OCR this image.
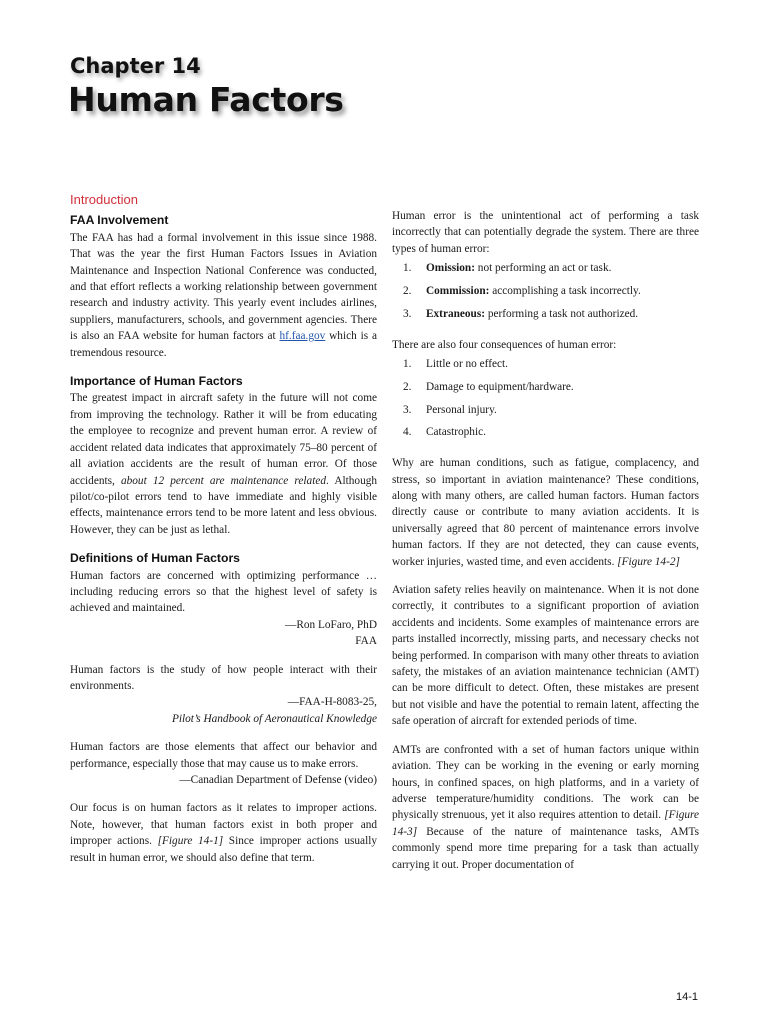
Chapter 14
Human Factors
Introduction
FAA Involvement

The FAA has had a formal involvement in this issue since 1988. That was the year the first Human Factors Issues in Aviation Maintenance and Inspection National Conference was conducted, and that effort reflects a working relationship between government research and industry activity. This yearly event includes airlines, suppliers, manufacturers, schools, and government agencies. There is also an FAA website for human factors at hf.faa.gov which is a tremendous resource.

Importance of Human Factors

The greatest impact in aircraft safety in the future will not come from improving the technology. Rather it will be from educating the employee to recognize and prevent human error. A review of accident related data indicates that approximately 75–80 percent of all aviation accidents are the result of human error. Of those accidents, about 12 percent are maintenance related. Although pilot/co-pilot errors tend to have immediate and highly visible effects, maintenance errors tend to be more latent and less obvious. However, they can be just as lethal.

Definitions of Human Factors

Human factors are concerned with optimizing performance … including reducing errors so that the highest level of safety is achieved and maintained.

—Ron LoFaro, PhD
FAA

Human factors is the study of how people interact with their environments.

—FAA-H-8083-25,
Pilot’s Handbook of Aeronautical Knowledge

Human factors are those elements that affect our behavior and performance, especially those that may cause us to make errors.

—Canadian Department of Defense (video)

Our focus is on human factors as it relates to improper actions. Note, however, that human factors exist in both proper and improper actions. [Figure 14-1] Since improper actions usually result in human error, we should also define that term.

Human error is the unintentional act of performing a task incorrectly that can potentially degrade the system. There are three types of human error:

1. Omission: not performing an act or task.
2. Commission: accomplishing a task incorrectly.
3. Extraneous: performing a task not authorized.

There are also four consequences of human error:

1. Little or no effect.
2. Damage to equipment/hardware.
3. Personal injury.
4. Catastrophic.

Why are human conditions, such as fatigue, complacency, and stress, so important in aviation maintenance? These conditions, along with many others, are called human factors. Human factors directly cause or contribute to many aviation accidents. It is universally agreed that 80 percent of maintenance errors involve human factors. If they are not detected, they can cause events, worker injuries, wasted time, and even accidents. [Figure 14-2]

Aviation safety relies heavily on maintenance. When it is not done correctly, it contributes to a significant proportion of aviation accidents and incidents. Some examples of maintenance errors are parts installed incorrectly, missing parts, and necessary checks not being performed. In comparison with many other threats to aviation safety, the mistakes of an aviation maintenance technician (AMT) can be more difficult to detect. Often, these mistakes are present but not visible and have the potential to remain latent, affecting the safe operation of aircraft for extended periods of time.

AMTs are confronted with a set of human factors unique within aviation. They can be working in the evening or early morning hours, in confined spaces, on high platforms, and in a variety of adverse temperature/humidity conditions. The work can be physically strenuous, yet it also requires attention to detail. [Figure 14-3] Because of the nature of maintenance tasks, AMTs commonly spend more time preparing for a task than actually carrying it out. Proper documentation of

14-1
